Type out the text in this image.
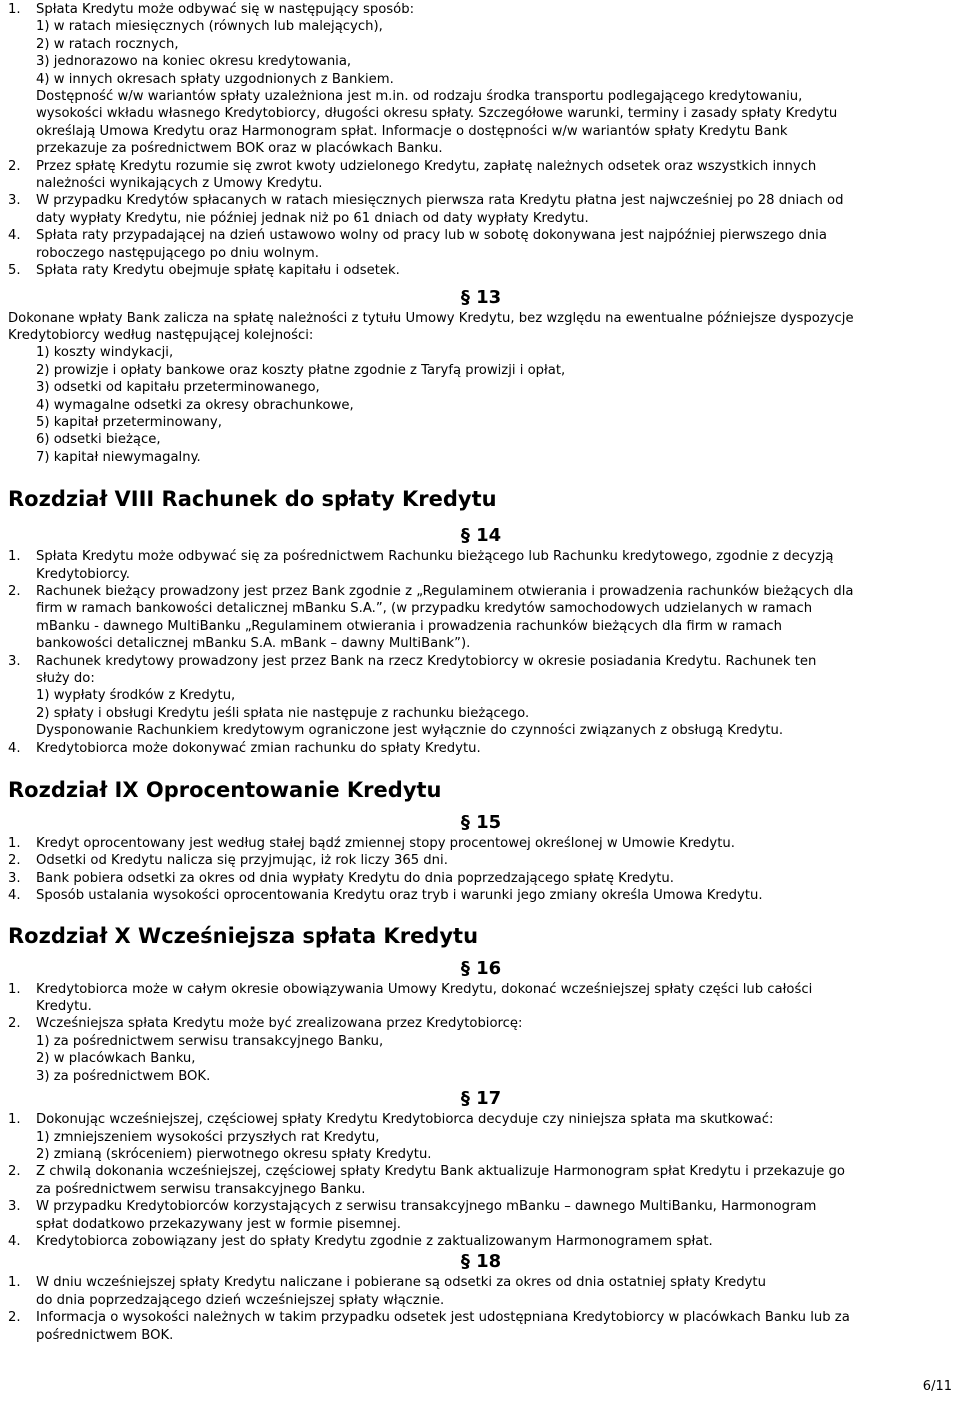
1. Spłata Kredytu może odbywać się w następujący sposób:
1) w ratach miesięcznych (równych lub malejących),
2) w ratach rocznych,
3) jednorazowo na koniec okresu kredytowania,
4) w innych okresach spłaty uzgodnionych z Bankiem.
Dostępność w/w wariantów spłaty uzależniona jest m.in. od rodzaju środka transportu podlegającego kredytowaniu,
wysokości wkładu własnego Kredytobiorcy, długości okresu spłaty. Szczegółowe warunki, terminy i zasady spłaty Kredytu
określają Umowa Kredytu oraz Harmonogram spłat. Informacje o dostępności w/w wariantów spłaty Kredytu Bank
przekazuje za pośrednictwem BOK oraz w placówkach Banku.
2. Przez spłatę Kredytu rozumie się zwrot kwoty udzielonego Kredytu, zapłatę należnych odsetek oraz wszystkich innych
należności wynikających z Umowy Kredytu.
3. W przypadku Kredytów spłacanych w ratach miesięcznych pierwsza rata Kredytu płatna jest najwcześniej po 28 dniach od
daty wypłaty Kredytu, nie później jednak niż po 61 dniach od daty wypłaty Kredytu.
4. Spłata raty przypadającej na dzień ustawowo wolny od pracy lub w sobotę dokonywana jest najpóźniej pierwszego dnia
roboczego następującego po dniu wolnym.
5. Spłata raty Kredytu obejmuje spłatę kapitału i odsetek.
§ 13
Dokonane wpłaty Bank zalicza na spłatę należności z tytułu Umowy Kredytu, bez względu na ewentualne późniejsze dyspozycje
Kredytobiorcy według następującej kolejności:
1) koszty windykacji,
2) prowizje i opłaty bankowe oraz koszty płatne zgodnie z Taryfą prowizji i opłat,
3) odsetki od kapitału przeterminowanego,
4) wymagalne odsetki za okresy obrachunkowe,
5) kapitał przeterminowany,
6) odsetki bieżące,
7) kapitał niewymagalny.
Rozdział VIII Rachunek do spłaty Kredytu
§ 14
1. Spłata Kredytu może odbywać się za pośrednictwem Rachunku bieżącego lub Rachunku kredytowego, zgodnie z decyzją
Kredytobiorcy.
2. Rachunek bieżący prowadzony jest przez Bank zgodnie z „Regulaminem otwierania i prowadzenia rachunków bieżących dla
firm w ramach bankowości detalicznej mBanku S.A.”, (w przypadku kredytów samochodowych udzielanych w ramach
mBanku - dawnego MultiBanku „Regulaminem otwierania i prowadzenia rachunków bieżących dla firm w ramach
bankowości detalicznej mBanku S.A. mBank – dawny MultiBank”).
3. Rachunek kredytowy prowadzony jest przez Bank na rzecz Kredytobiorcy w okresie posiadania Kredytu. Rachunek ten
służy do:
1) wypłaty środków z Kredytu,
2) spłaty i obsługi Kredytu jeśli spłata nie następuje z rachunku bieżącego.
Dysponowanie Rachunkiem kredytowym ograniczone jest wyłącznie do czynności związanych z obsługą Kredytu.
4. Kredytobiorca może dokonywać zmian rachunku do spłaty Kredytu.
Rozdział IX Oprocentowanie Kredytu
§ 15
1. Kredyt oprocentowany jest według stałej bądź zmiennej stopy procentowej określonej w Umowie Kredytu.
2. Odsetki od Kredytu nalicza się przyjmując, iż rok liczy 365 dni.
3. Bank pobiera odsetki za okres od dnia wypłaty Kredytu do dnia poprzedzającego spłatę Kredytu.
4. Sposób ustalania wysokości oprocentowania Kredytu oraz tryb i warunki jego zmiany określa Umowa Kredytu.
Rozdział X Wcześniejsza spłata Kredytu
§ 16
1. Kredytobiorca może w całym okresie obowiązywania Umowy Kredytu, dokonać wcześniejszej spłaty części lub całości
Kredytu.
2. Wcześniejsza spłata Kredytu może być zrealizowana przez Kredytobiorcę:
1) za pośrednictwem serwisu transakcyjnego Banku,
2) w placówkach Banku,
3) za pośrednictwem BOK.
§ 17
1. Dokonując wcześniejszej, częściowej spłaty Kredytu Kredytobiorca decyduje czy niniejsza spłata ma skutkować:
1) zmniejszeniem wysokości przyszłych rat Kredytu,
2) zmianą (skróceniem) pierwotnego okresu spłaty Kredytu.
2. Z chwilą dokonania wcześniejszej, częściowej spłaty Kredytu Bank aktualizuje Harmonogram spłat Kredytu i przekazuje go
za pośrednictwem serwisu transakcyjnego Banku.
3. W przypadku Kredytobiorców korzystających z serwisu transakcyjnego mBanku – dawnego MultiBanku, Harmonogram
spłat dodatkowo przekazywany jest w formie pisemnej.
4. Kredytobiorca zobowiązany jest do spłaty Kredytu zgodnie z zaktualizowanym Harmonogramem spłat.
§ 18
1. W dniu wcześniejszej spłaty Kredytu naliczane i pobierane są odsetki za okres od dnia ostatniej spłaty Kredytu
do dnia poprzedzającego dzień wcześniejszej spłaty włącznie.
2. Informacja o wysokości należnych w takim przypadku odsetek jest udostępniana Kredytobiorcy w placówkach Banku lub za
pośrednictwem BOK.
6/11
